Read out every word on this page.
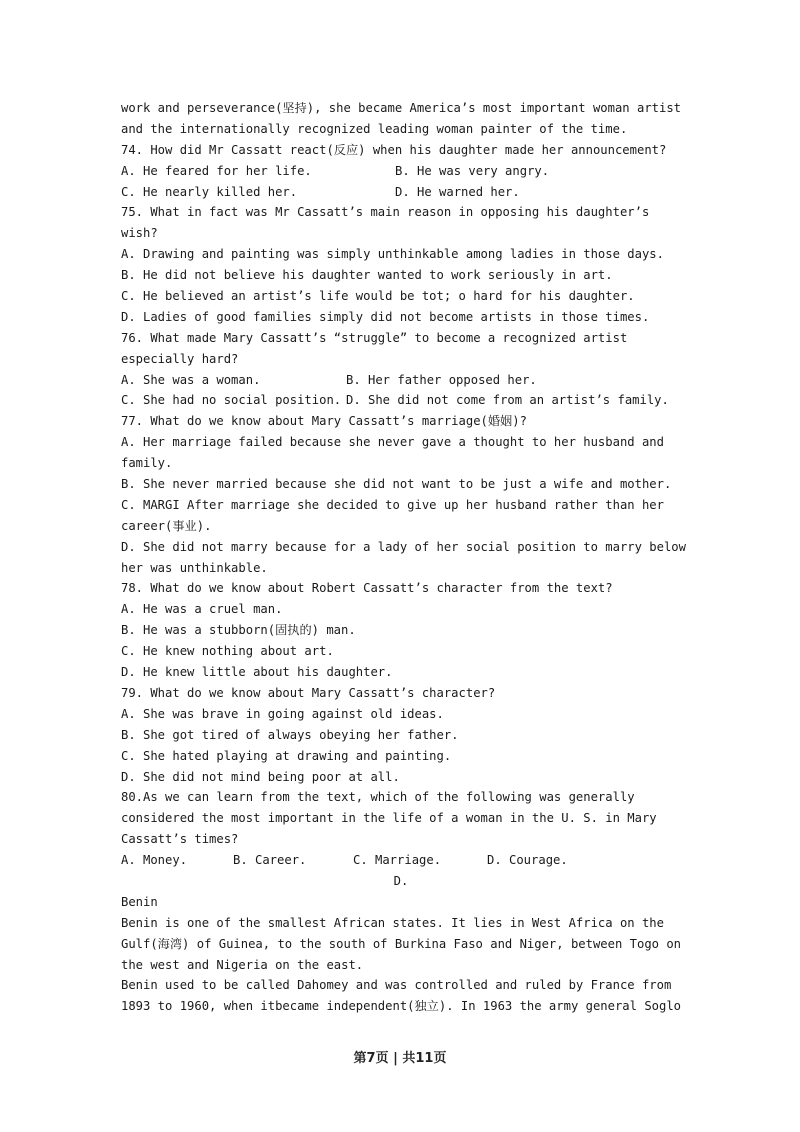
work and perseverance(坚持), she became America’s most important woman artist
and the internationally recognized leading woman painter of the time.
74. How did Mr Cassatt react(反应) when his daughter made her announcement?
A. He feared for her life.	B. He was very angry.
C. He nearly killed her.	D. He warned her.
75. What in fact was Mr Cassatt’s main reason in opposing his daughter’s
wish?
A. Drawing and painting was simply unthinkable among ladies in those days.
B. He did not believe his daughter wanted to work seriously in art.
C. He believed an artist’s life would be tot; o hard for his daughter.
D. Ladies of good families simply did not become artists in those times.
76. What made Mary Cassatt’s “struggle” to become a recognized artist
especially hard?
A. She was a woman.	B. Her father opposed her.
C. She had no social position. D. She did not come from an artist’s family.
77. What do we know about Mary Cassatt’s marriage(婚姻)?
A. Her marriage failed because she never gave a thought to her husband and
family.
B. She never married because she did not want to be just a wife and mother.
C. MARGI After marriage she decided to give up her husband rather than her
career(事业).
D. She did not marry because for a lady of her social position to marry below
her was unthinkable.
78. What do we know about Robert Cassatt’s character from the text?
A. He was a cruel man.
B. He was a stubborn(固执的) man.
C. He knew nothing about art.
D. He knew little about his daughter.
79. What do we know about Mary Cassatt’s character?
A. She was brave in going against old ideas.
B. She got tired of always obeying her father.
C. She hated playing at drawing and painting.
D. She did not mind being poor at all.
80.As we can learn from the text, which of the following was generally
considered the most important in the life of a woman in the U. S. in Mary
Cassatt’s times?
A. Money.	B. Career.	C. Marriage.	D. Courage.
D.
Benin
Benin is one of the smallest African states. It lies in West Africa on the
Gulf(海湾) of Guinea, to the south of Burkina Faso and Niger, between Togo on
the west and Nigeria on the east.
Benin used to be called Dahomey and was controlled and ruled by France from
1893 to 1960, when itbecame independent(独立). In 1963 the army general Soglo
第7页 | 共11页
